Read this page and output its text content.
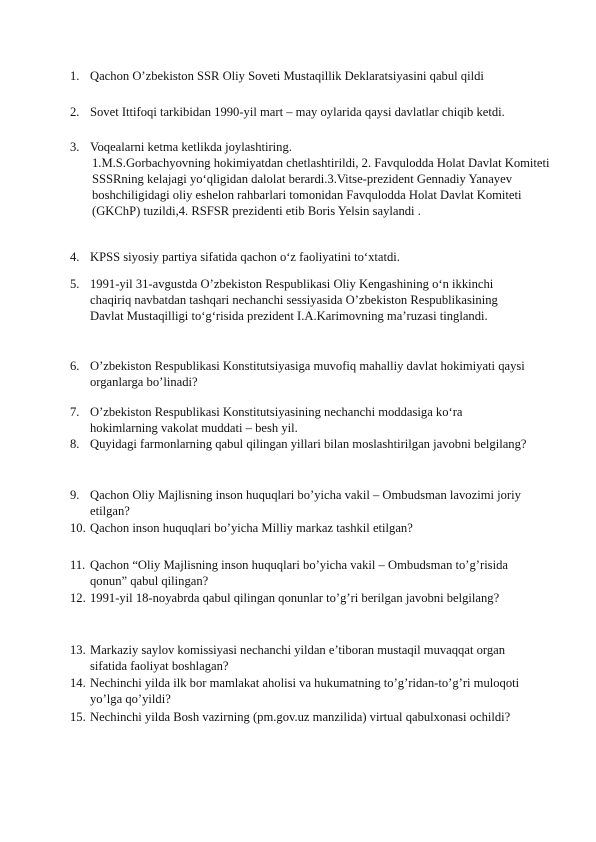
1. Qachon O’zbekiston SSR Oliy Soveti Mustaqillik Deklaratsiyasini qabul qildi
2. Sovet Ittifoqi tarkibidan 1990-yil mart – may oylarida qaysi davlatlar chiqib ketdi.
3. Voqealarni ketma ketlikda joylashtiring.
1.M.S.Gorbachyovning hokimiyatdan chetlashtirildi, 2. Favqulodda Holat Davlat Komiteti SSSRning kelajagi yo‘qligidan dalolat berardi.3.Vitse-prezident Gennadiy Yanayev boshchiligidagi oliy eshelon rahbarlari tomonidan Favqulodda Holat Davlat Komiteti (GKChP) tuzildi,4. RSFSR prezidenti etib Boris Yelsin saylandi .
4. KPSS siyosiy partiya sifatida qachon o‘z faoliyatini to‘xtatdi.
5. 1991-yil 31-avgustda O’zbekiston Respublikasi Oliy Kengashining o‘n ikkinchi chaqiriq navbatdan tashqari nechanchi sessiyasida O’zbekiston Respublikasining Davlat Mustaqilligi to‘g‘risida prezident I.A.Karimovning ma’ruzasi tinglandi.
6. O’zbekiston Respublikasi Konstitutsiyasiga muvofiq mahalliy davlat hokimiyati qaysi organlarga bo’linadi?
7. O’zbekiston Respublikasi Konstitutsiyasining nechanchi moddasiga ko‘ra hokimlarning vakolat muddati – besh yil.
8. Quyidagi farmonlarning qabul qilingan yillari bilan moslashtirilgan javobni belgilang?
9. Qachon Oliy Majlisning inson huquqlari bo’yicha vakil – Ombudsman lavozimi joriy etilgan?
10. Qachon inson huquqlari bo’yicha Milliy markaz tashkil etilgan?
11. Qachon “Oliy Majlisning inson huquqlari bo’yicha vakil – Ombudsman to’g’risida qonun” qabul qilingan?
12. 1991-yil 18-noyabrda qabul qilingan qonunlar to’g’ri berilgan javobni belgilang?
13. Markaziy saylov komissiyasi nechanchi yildan e’tiboran mustaqil muvaqqat organ sifatida faoliyat boshlagan?
14. Nechinchi yilda ilk bor mamlakat aholisi va hukumatning to’g’ridan-to’g’ri muloqoti yo’lga qo’yildi?
15. Nechinchi yilda Bosh vazirning (pm.gov.uz manzilida) virtual qabulxonasi ochildi?
